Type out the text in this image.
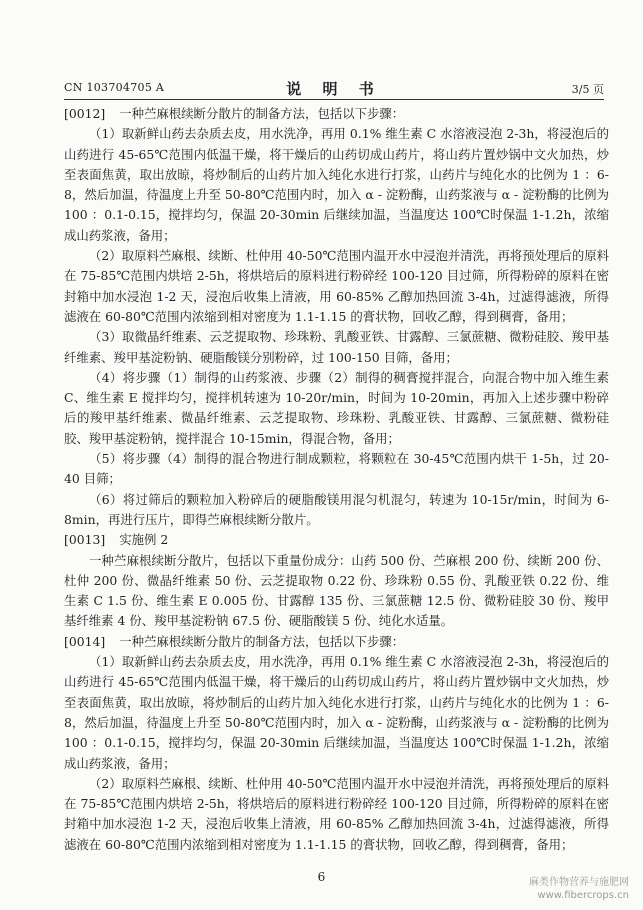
CN 103704705 A	说 明 书	3/5 页

[0012] 一种苎麻根续断分散片的制备方法，包括以下步骤：

（1）取新鲜山药去杂质去皮，用水洗净，再用 0.1% 维生素 C 水溶液浸泡 2-3h，将浸泡后的山药进行 45-65℃范围内低温干燥，将干燥后的山药切成山药片，将山药片置炒锅中文火加热，炒至表面焦黄，取出放晾，将炒制后的山药片加入纯化水进行打浆，山药片与纯化水的比例为 1 ：6-8，然后加温，待温度上升至 50-80℃范围内时，加入 α - 淀粉酶，山药浆液与 α - 淀粉酶的比例为 100 ：0.1-0.15，搅拌均匀，保温 20-30min 后继续加温，当温度达 100℃时保温 1-1.2h，浓缩成山药浆液，备用；

（2）取原料苎麻根、续断、杜仲用 40-50℃范围内温开水中浸泡并清洗，再将预处理后的原料在 75-85℃范围内烘培 2-5h，将烘培后的原料进行粉碎经 100-120 目过筛，所得粉碎的原料在密封箱中加水浸泡 1-2 天，浸泡后收集上清液，用 60-85% 乙醇加热回流 3-4h，过滤得滤液，所得滤液在 60-80℃范围内浓缩到相对密度为 1.1-1.15 的膏状物，回收乙醇，得到稠膏，备用；

（3）取微晶纤维素、云芝提取物、珍珠粉、乳酸亚铁、甘露醇、三氯蔗糖、微粉硅胶、羧甲基纤维素、羧甲基淀粉钠、硬脂酸镁分别粉碎，过 100-150 目筛，备用；

（4）将步骤（1）制得的山药浆液、步骤（2）制得的稠膏搅拌混合，向混合物中加入维生素 C、维生素 E 搅拌均匀，搅拌机转速为 10-20r/min，时间为 10-20min，再加入上述步骤中粉碎后的羧甲基纤维素、微晶纤维素、云芝提取物、珍珠粉、乳酸亚铁、甘露醇、三氯蔗糖、微粉硅胶、羧甲基淀粉钠，搅拌混合 10-15min，得混合物，备用；

（5）将步骤（4）制得的混合物进行制成颗粒，将颗粒在 30-45℃范围内烘干 1-5h，过 20-40 目筛；

（6）将过筛后的颗粒加入粉碎后的硬脂酸镁用混匀机混匀，转速为 10-15r/min，时间为 6-8min，再进行压片，即得苎麻根续断分散片。

[0013] 实施例 2

一种苎麻根续断分散片，包括以下重量份成分：山药 500 份、苎麻根 200 份、续断 200 份、杜仲 200 份、微晶纤维素 50 份、云芝提取物 0.22 份、珍珠粉 0.55 份、乳酸亚铁 0.22 份、维生素 C 1.5 份、维生素 E 0.005 份、甘露醇 135 份、三氯蔗糖 12.5 份、微粉硅胶 30 份、羧甲基纤维素 4 份、羧甲基淀粉钠 67.5 份、硬脂酸镁 5 份、纯化水适量。

[0014] 一种苎麻根续断分散片的制备方法，包括以下步骤：

（1）取新鲜山药去杂质去皮，用水洗净，再用 0.1% 维生素 C 水溶液浸泡 2-3h，将浸泡后的山药进行 45-65℃范围内低温干燥，将干燥后的山药切成山药片，将山药片置炒锅中文火加热，炒至表面焦黄，取出放晾，将炒制后的山药片加入纯化水进行打浆，山药片与纯化水的比例为 1 ：6-8，然后加温，待温度上升至 50-80℃范围内时，加入 α - 淀粉酶，山药浆液与 α - 淀粉酶的比例为 100 ：0.1-0.15，搅拌均匀，保温 20-30min 后继续加温，当温度达 100℃时保温 1-1.2h，浓缩成山药浆液，备用；

（2）取原料苎麻根、续断、杜仲用 40-50℃范围内温开水中浸泡并清洗，再将预处理后的原料在 75-85℃范围内烘培 2-5h，将烘培后的原料进行粉碎经 100-120 目过筛，所得粉碎的原料在密封箱中加水浸泡 1-2 天，浸泡后收集上清液，用 60-85% 乙醇加热回流 3-4h，过滤得滤液，所得滤液在 60-80℃范围内浓缩到相对密度为 1.1-1.15 的膏状物，回收乙醇，得到稠膏，备用；

6	麻类作物营养与施肥网
www.fibercrops.cn
